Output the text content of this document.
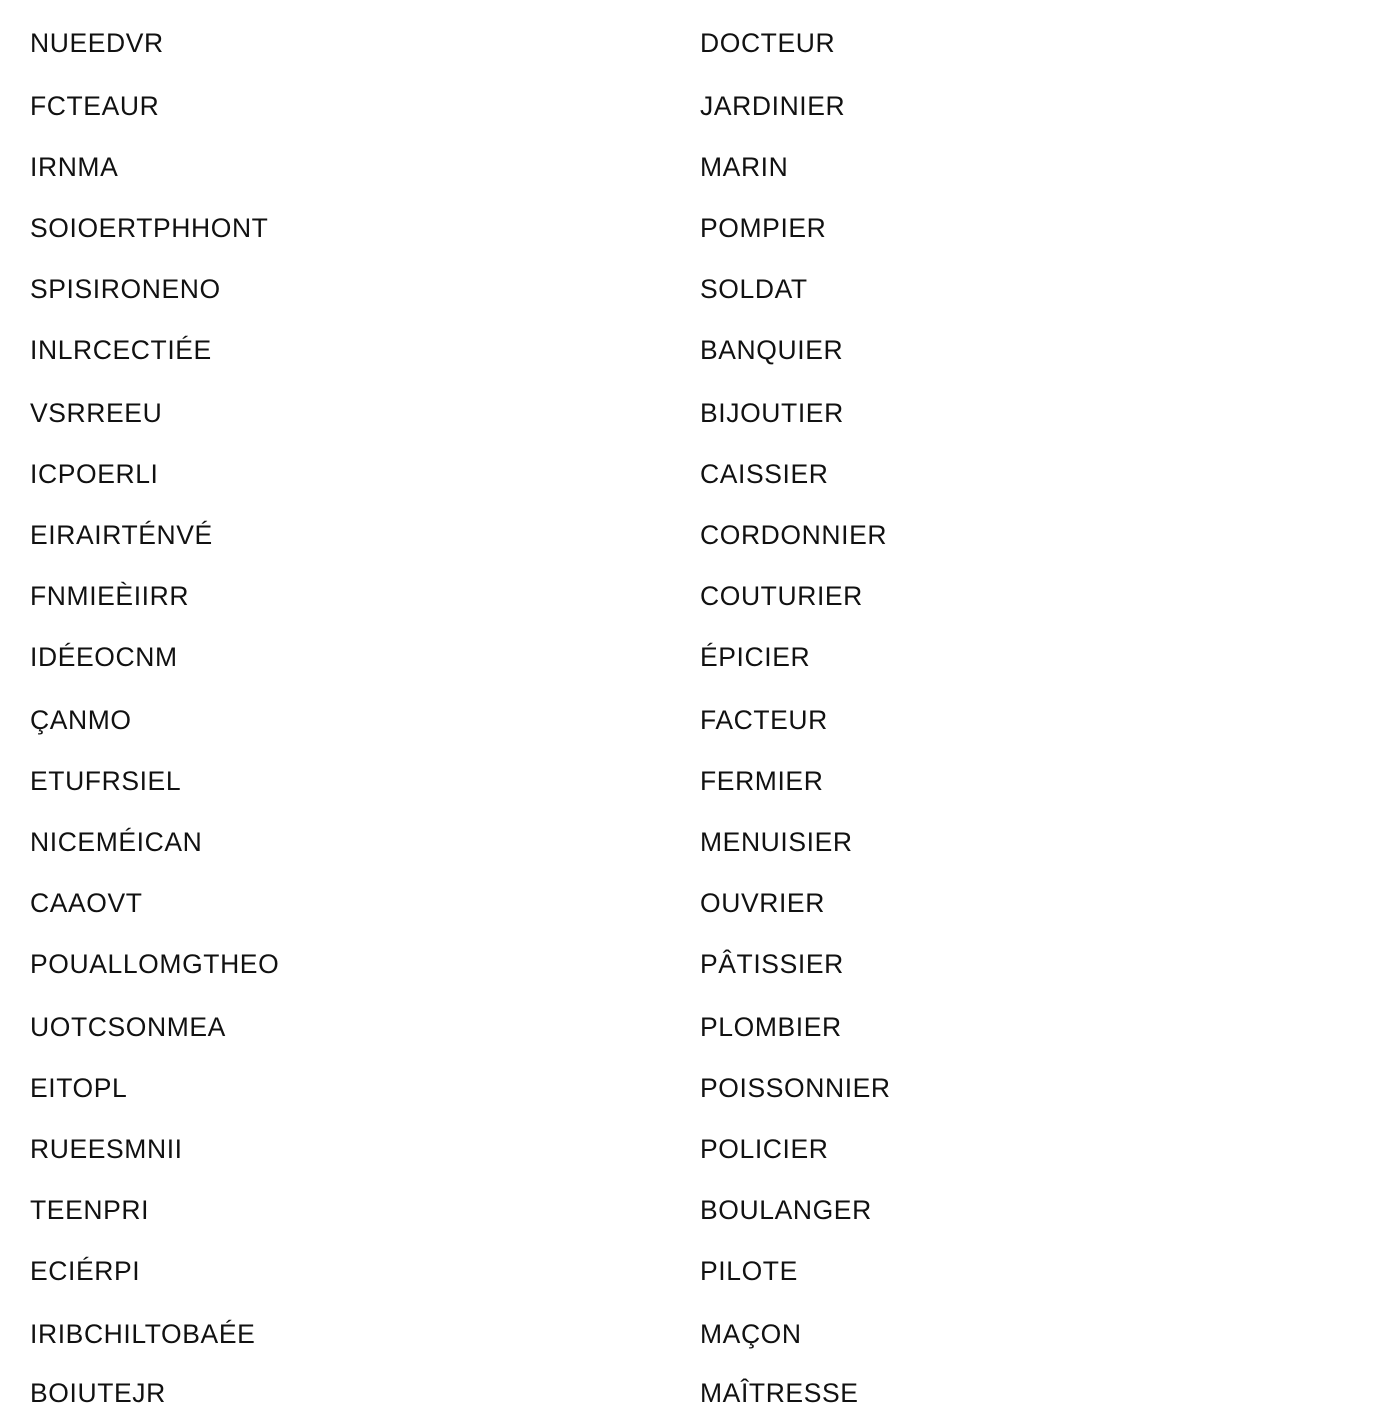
NUEEDVR
FCTEAUR
IRNMA
SOIOERTPHHONT
SPISIRONENO
INLRCECTIÉE
VSRREEU
ICPOERLI
EIRAIRTÉNVÉ
FNMIEÈIIRR
IDÉEOCNM
ÇANMO
ETUFRSIEL
NICEMÉICAN
CAAOVT
POUALLOMGTHEO
UOTCSONMEA
EITOPL
RUEESMNII
TEENPRI
ECIÉRPI
IRIBCHILTOBAÉE
BOIUTEJR
DOCTEUR
JARDINIER
MARIN
POMPIER
SOLDAT
BANQUIER
BIJOUTIER
CAISSIER
CORDONNIER
COUTURIER
ÉPICIER
FACTEUR
FERMIER
MENUISIER
OUVRIER
PÂTISSIER
PLOMBIER
POISSONNIER
POLICIER
BOULANGER
PILOTE
MAÇON
MAÎTRESSE
